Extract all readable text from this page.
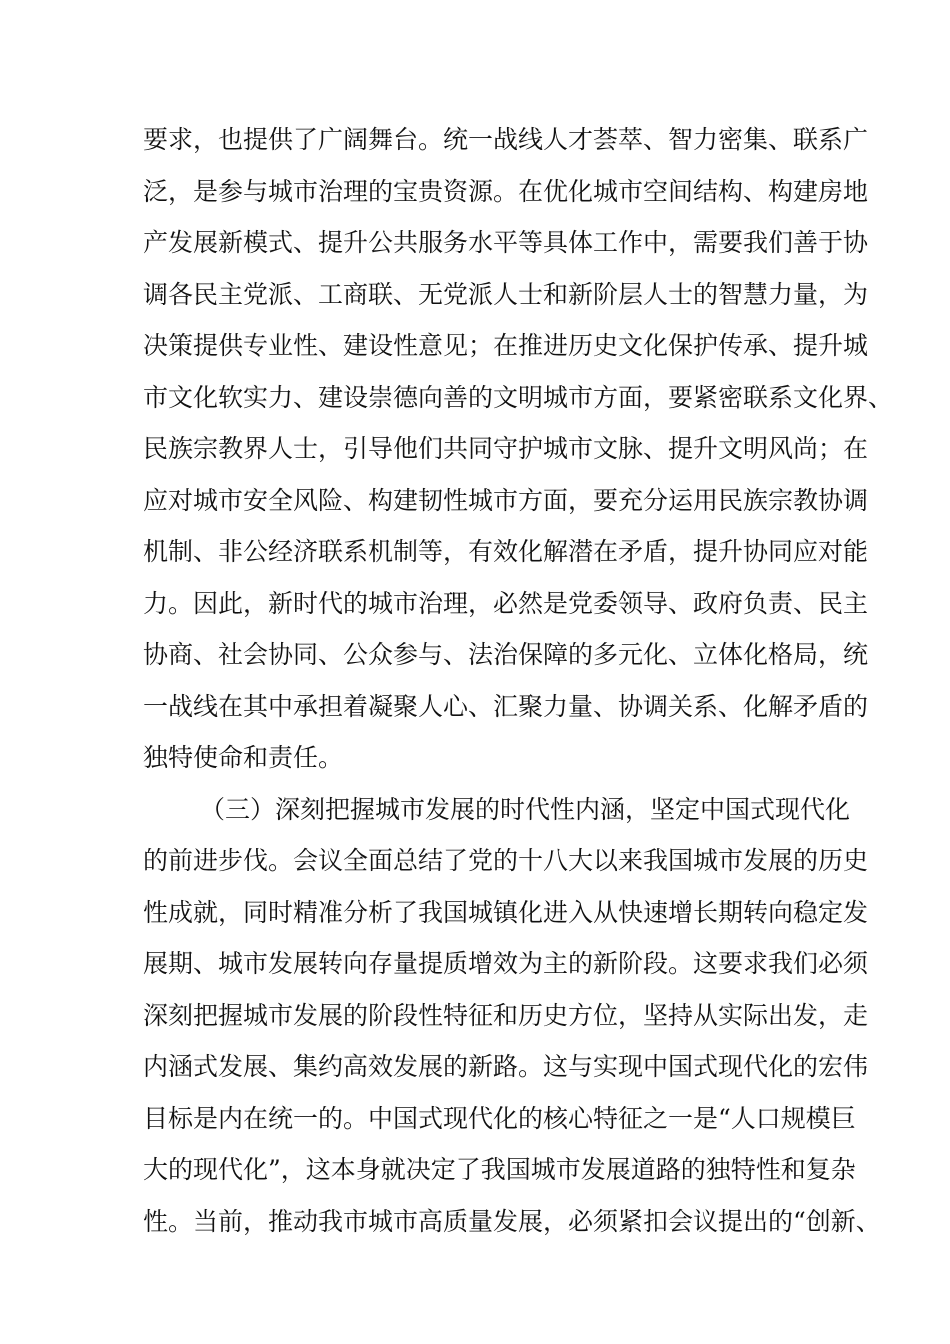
要求，也提供了广阔舞台。统一战线人才荟萃、智力密集、联系广
泛，是参与城市治理的宝贵资源。在优化城市空间结构、构建房地
产发展新模式、提升公共服务水平等具体工作中，需要我们善于协
调各民主党派、工商联、无党派人士和新阶层人士的智慧力量，为
决策提供专业性、建设性意见；在推进历史文化保护传承、提升城
市文化软实力、建设崇德向善的文明城市方面，要紧密联系文化界、
民族宗教界人士，引导他们共同守护城市文脉、提升文明风尚；在
应对城市安全风险、构建韧性城市方面，要充分运用民族宗教协调
机制、非公经济联系机制等，有效化解潜在矛盾，提升协同应对能
力。因此，新时代的城市治理，必然是党委领导、政府负责、民主
协商、社会协同、公众参与、法治保障的多元化、立体化格局，统
一战线在其中承担着凝聚人心、汇聚力量、协调关系、化解矛盾的
独特使命和责任。
（三）深刻把握城市发展的时代性内涵，坚定中国式现代化
的前进步伐。会议全面总结了党的十八大以来我国城市发展的历史
性成就，同时精准分析了我国城镇化进入从快速增长期转向稳定发
展期、城市发展转向存量提质增效为主的新阶段。这要求我们必须
深刻把握城市发展的阶段性特征和历史方位，坚持从实际出发，走
内涵式发展、集约高效发展的新路。这与实现中国式现代化的宏伟
目标是内在统一的。中国式现代化的核心特征之一是“人口规模巨
大的现代化”，这本身就决定了我国城市发展道路的独特性和复杂
性。当前，推动我市城市高质量发展，必须紧扣会议提出的“创新、
